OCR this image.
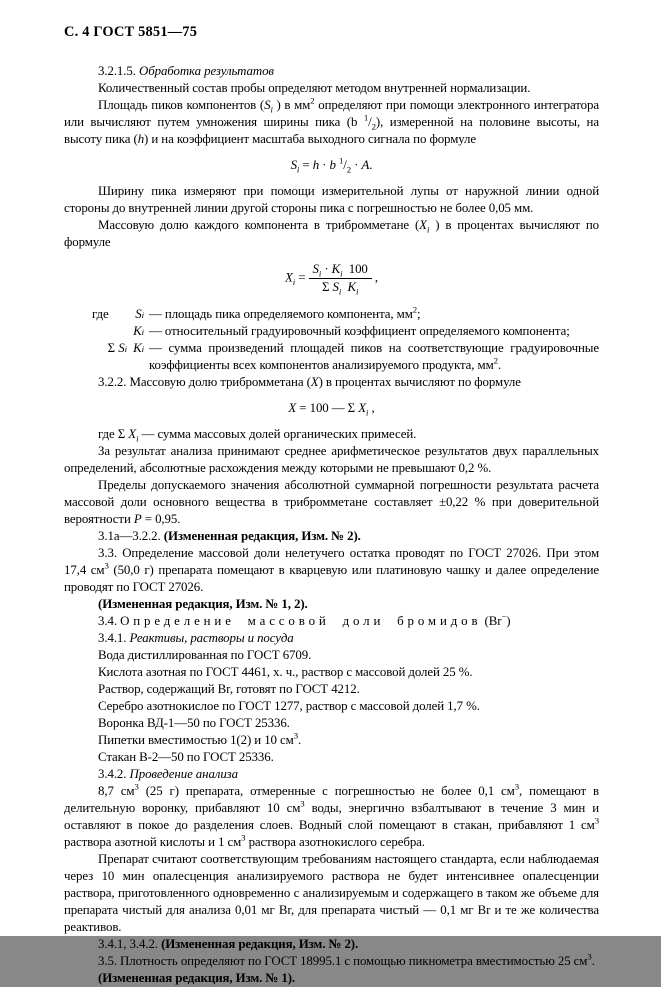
С. 4 ГОСТ 5851—75

3.2.1.5. Обработка результатов

Количественный состав пробы определяют методом внутренней нормализации.

Площадь пиков компонентов ($S_i$ ) в $мм^2$ определяют при помощи электронного интегратора или вычисляют путем умножения ширины пика (b $^1/_2$), измеренной на половине высоты, на высоту пика (h) и на коэффициент масштаба выходного сигнала по формуле

$S_i = h \cdot b$ $^1/_2 \cdot A$.

Ширину пика измеряют при помощи измерительной лупы от наружной линии одной стороны до внутренней линии другой стороны пика с погрешностью не более 0,05 мм.

Массовую долю каждого компонента в трибромметане ($X_i$ ) в процентах вычисляют по формуле

$X_i = \frac{S_i \cdot K_i 100}{\Sigma S_i K_i}$ ,

где S i — площадь пика определяемого компонента, $мм^2$;
K i — относительный градуировочный коэффициент определяемого компонента;
Σ S i
K i — сумма произведений площадей пиков на соответствующие градуировочные коэффициенты всех компонентов анализируемого продукта, $мм^2$.

3.2.2. Массовую долю трибромметана (X) в процентах вычисляют по формуле

X = 100 — Σ $X_i$ ,

где Σ $X_i$ — сумма массовых долей органических примесей.

За результат анализа принимают среднее арифметическое результатов двух параллельных определений, абсолютные расхождения между которыми не превышают 0,2 %.

Пределы допускаемого значения абсолютной суммарной погрешности результата расчета массовой доли основного вещества в трибромметане составляет ±0,22 % при доверительной вероятности P = 0,95.

3.1а—3.2.2. (Измененная редакция, Изм. № 2).

3.3. Определение массовой доли нелетучего остатка проводят по ГОСТ 27026. При этом 17,4 $см^3$ (50,0 г) препарата помещают в кварцевую или платиновую чашку и далее определение проводят по ГОСТ 27026.

(Измененная редакция, Изм. № 1, 2).

3.4. Определение массовой доли бромидов (Br−)

3.4.1. Реактивы, растворы и посуда

Вода дистиллированная по ГОСТ 6709.

Кислота азотная по ГОСТ 4461, х. ч., раствор с массовой долей 25 %.

Раствор, содержащий Br, готовят по ГОСТ 4212.

Серебро азотнокислое по ГОСТ 1277, раствор с массовой долей 1,7 %.

Воронка ВД-1—50 по ГОСТ 25336.

Пипетки вместимостью 1(2) и 10 $см^3$.

Стакан В-2—50 по ГОСТ 25336.

3.4.2. Проведение анализа

8,7 $см^3$ (25 г) препарата, отмеренные с погрешностью не более 0,1 $см^3$, помещают в делительную воронку, прибавляют 10 $см^3$ воды, энергично взбалтывают в течение 3 мин и оставляют в покое до разделения слоев. Водный слой помещают в стакан, прибавляют 1 $см^3$ раствора азотной кислоты и 1 $см^3$ раствора азотнокислого серебра.

Препарат считают соответствующим требованиям настоящего стандарта, если наблюдаемая через 10 мин опалесценция анализируемого раствора не будет интенсивнее опалесценции раствора, приготовленного одновременно с анализируемым и содержащего в таком же объеме для препарата чистый для анализа 0,01 мг Br, для препарата чистый — 0,1 мг Br и те же количества реактивов.

3.4.1, 3.4.2. (Измененная редакция, Изм. № 2).

3.5. Плотность определяют по ГОСТ 18995.1 с помощью пикнометра вместимостью 25 $см^3$.

(Измененная редакция, Изм. № 1).
